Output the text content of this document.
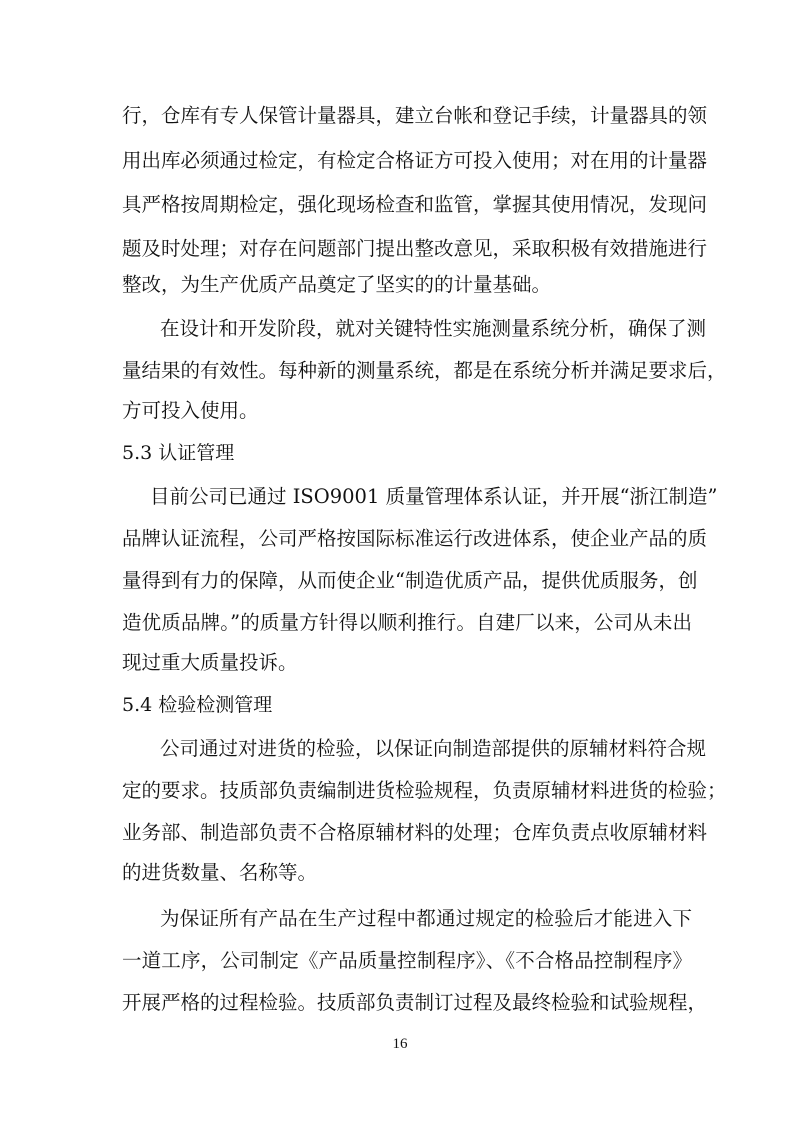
行，仓库有专人保管计量器具，建立台帐和登记手续，计量器具的领
用出库必须通过检定，有检定合格证方可投入使用；对在用的计量器
具严格按周期检定，强化现场检查和监管，掌握其使用情况，发现问
题及时处理；对存在问题部门提出整改意见，采取积极有效措施进行
整改，为生产优质产品奠定了坚实的的计量基础。
在设计和开发阶段，就对关键特性实施测量系统分析，确保了测
量结果的有效性。每种新的测量系统，都是在系统分析并满足要求后，
方可投入使用。
5.3 认证管理
目前公司已通过 ISO9001 质量管理体系认证，并开展“浙江制造”
品牌认证流程，公司严格按国际标准运行改进体系，使企业产品的质
量得到有力的保障，从而使企业“制造优质产品，提供优质服务，创
造优质品牌。”的质量方针得以顺利推行。自建厂以来，公司从未出
现过重大质量投诉。
5.4 检验检测管理
公司通过对进货的检验，以保证向制造部提供的原辅材料符合规
定的要求。技质部负责编制进货检验规程，负责原辅材料进货的检验；
业务部、制造部负责不合格原辅材料的处理；仓库负责点收原辅材料
的进货数量、名称等。
为保证所有产品在生产过程中都通过规定的检验后才能进入下
一道工序，公司制定《产品质量控制程序》、《不合格品控制程序》
开展严格的过程检验。技质部负责制订过程及最终检验和试验规程，
16
